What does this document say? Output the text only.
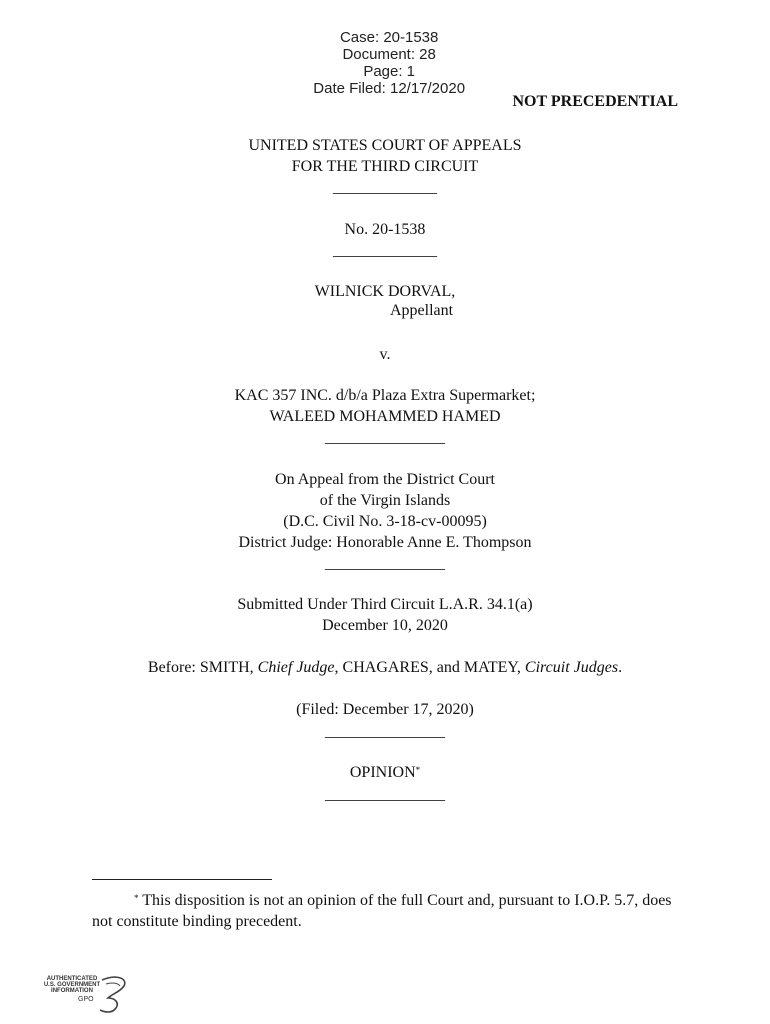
Case: 20-1538
Document: 28
Page: 1
Date Filed: 12/17/2020

NOT PRECEDENTIAL
UNITED STATES COURT OF APPEALS
FOR THE THIRD CIRCUIT
_____________
No. 20-1538
_____________
WILNICK DORVAL,
Appellant
v.
KAC 357 INC. d/b/a Plaza Extra Supermarket;
WALEED MOHAMMED HAMED
_______________
On Appeal from the District Court
of the Virgin Islands
(D.C. Civil No. 3-18-cv-00095)
District Judge: Honorable Anne E. Thompson
_______________
Submitted Under Third Circuit L.A.R. 34.1(a)
December 10, 2020
Before: SMITH, Chief Judge, CHAGARES, and MATEY, Circuit Judges.
(Filed: December 17, 2020)
_______________
OPINION*
_______________
* This disposition is not an opinion of the full Court and, pursuant to I.O.P. 5.7, does
not constitute binding precedent.
AUTHENTICATED
U.S. GOVERNMENT
INFORMATION
GPO
